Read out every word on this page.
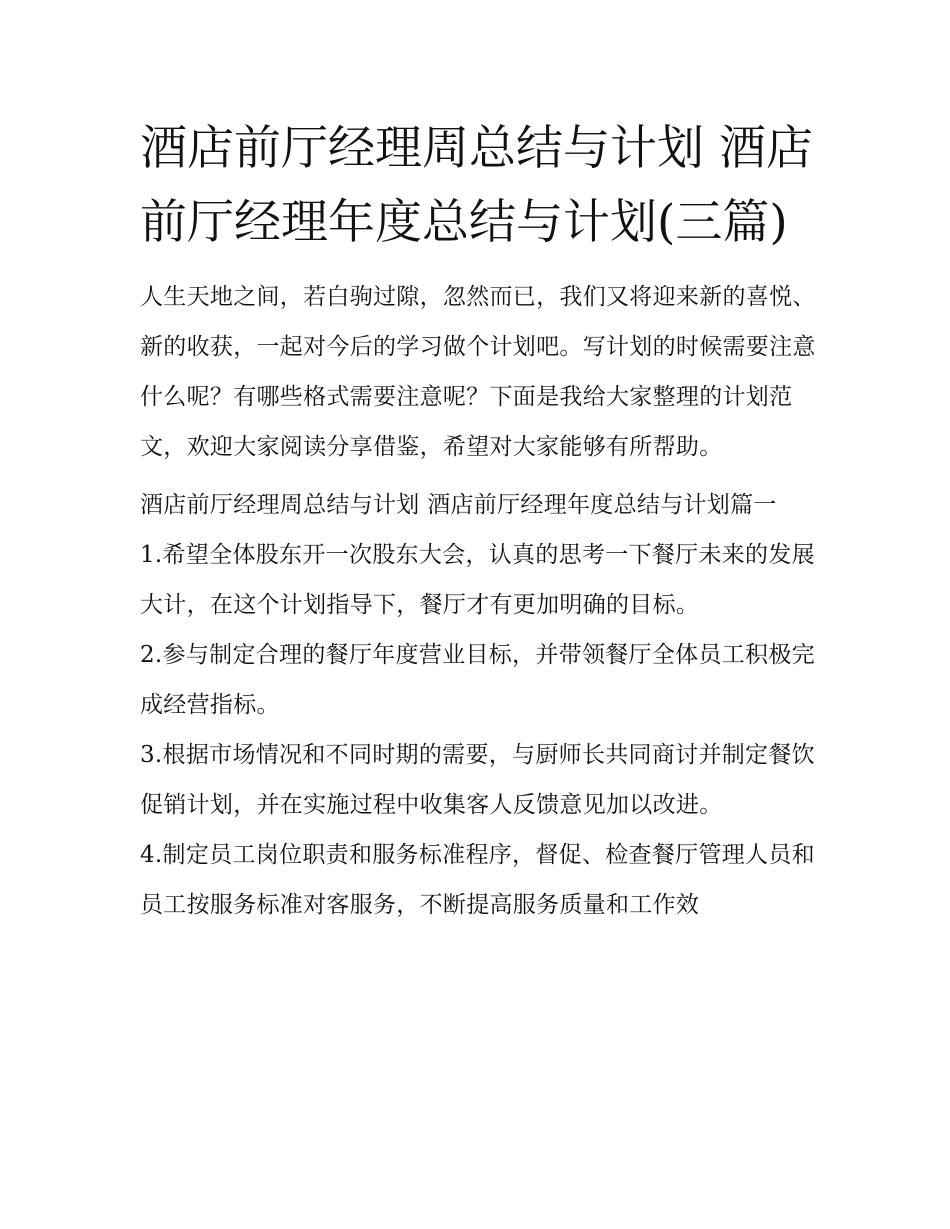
酒店前厅经理周总结与计划 酒店前厅经理年度总结与计划(三篇)

人生天地之间，若白驹过隙，忽然而已，我们又将迎来新的喜悦、新的收获，一起对今后的学习做个计划吧。写计划的时候需要注意什么呢？有哪些格式需要注意呢？下面是我给大家整理的计划范文，欢迎大家阅读分享借鉴，希望对大家能够有所帮助。

酒店前厅经理周总结与计划 酒店前厅经理年度总结与计划篇一

1.希望全体股东开一次股东大会，认真的思考一下餐厅未来的发展大计，在这个计划指导下，餐厅才有更加明确的目标。

2.参与制定合理的餐厅年度营业目标，并带领餐厅全体员工积极完成经营指标。

3.根据市场情况和不同时期的需要，与厨师长共同商讨并制定餐饮促销计划，并在实施过程中收集客人反馈意见加以改进。

4.制定员工岗位职责和服务标准程序，督促、检查餐厅管理人员和员工按服务标准对客服务，不断提高服务质量和工作效
